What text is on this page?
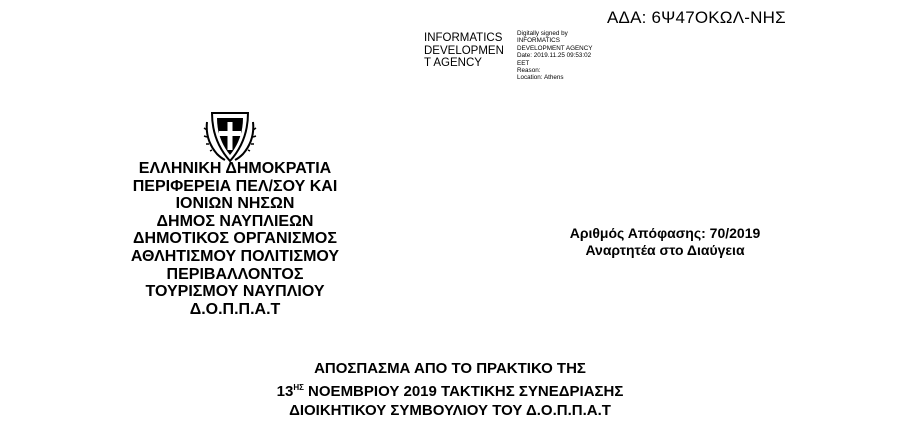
ΑΔΑ: 6Ψ47ΟΚΩΛ-ΝΗΣ
INFORMATICS
DEVELOPMEN
T AGENCY
Digitally signed by
INFORMATICS
DEVELOPMENT AGENCY
Date: 2019.11.25 09:53:02
EET
Reason:
Location: Athens
ΕΛΛΗΝΙΚΗ ΔΗΜΟΚΡΑΤΙΑ
ΠΕΡΙΦΕΡΕΙΑ ΠΕΛ/ΣΟΥ ΚΑΙ
ΙΟΝΙΩΝ ΝΗΣΩΝ
ΔΗΜΟΣ ΝΑΥΠΛΙΕΩΝ
ΔΗΜΟΤΙΚΟΣ ΟΡΓΑΝΙΣΜΟΣ
ΑΘΛΗΤΙΣΜΟΥ ΠΟΛΙΤΙΣΜΟΥ
ΠΕΡΙΒΑΛΛΟΝΤΟΣ
ΤΟΥΡΙΣΜΟΥ ΝΑΥΠΛΙΟΥ
Δ.Ο.Π.Π.Α.Τ
Αριθμός Απόφασης: 70/2019
Αναρτητέα στο Διαύγεια
ΑΠΟΣΠΑΣΜΑ ΑΠΟ ΤΟ ΠΡΑΚΤΙΚΟ ΤΗΣ
$13^{H\Sigma}$ ΝΟΕΜΒΡΙΟΥ 2019 ΤΑΚΤΙΚΗΣ ΣΥΝΕΔΡΙΑΣΗΣ
ΔΙΟΙΚΗΤΙΚΟΥ ΣΥΜΒΟΥΛΙΟΥ ΤΟΥ Δ.Ο.Π.Π.Α.Τ
